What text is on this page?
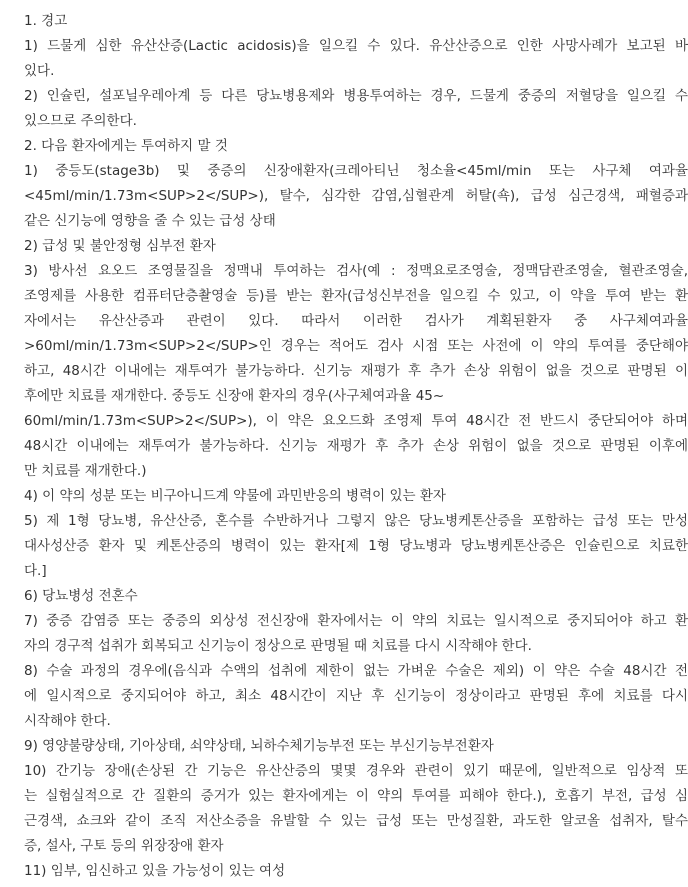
1. 경고
1) 드물게 심한 유산산증(Lactic acidosis)을 일으킬 수 있다. 유산산증으로 인한 사망사례가 보고된 바
있다.
2) 인슐린, 설포닐우레아계 등 다른 당뇨병용제와 병용투여하는 경우, 드물게 중증의 저혈당을 일으킬 수
있으므로 주의한다.
2. 다음 환자에게는 투여하지 말 것
1) 중등도(stage3b) 및 중증의 신장애환자(크레아티닌 청소율<45ml/min 또는 사구체 여과율
<45ml/min/1.73m<SUP>2</SUP>), 탈수, 심각한 감염,심혈관계 허탈(쇽), 급성 심근경색, 패혈증과
같은 신기능에 영향을 줄 수 있는 급성 상태
2) 급성 및 불안정형 심부전 환자
3) 방사선 요오드 조영물질을 정맥내 투여하는 검사(예 : 정맥요로조영술, 정맥담관조영술, 혈관조영술,
조영제를 사용한 컴퓨터단층촬영술 등)를 받는 환자(급성신부전을 일으킬 수 있고, 이 약을 투여 받는 환
자에서는 유산산증과 관련이 있다. 따라서 이러한 검사가 계획된환자 중 사구체여과율
>60ml/min/1.73m<SUP>2</SUP>인 경우는 적어도 검사 시점 또는 사전에 이 약의 투여를 중단해야
하고, 48시간 이내에는 재투여가 불가능하다. 신기능 재평가 후 추가 손상 위험이 없을 것으로 판명된 이
후에만 치료를 재개한다. 중등도 신장애 환자의 경우(사구체여과율 45~
60ml/min/1.73m<SUP>2</SUP>), 이 약은 요오드화 조영제 투여 48시간 전 반드시 중단되어야 하며
48시간 이내에는 재투여가 불가능하다. 신기능 재평가 후 추가 손상 위험이 없을 것으로 판명된 이후에
만 치료를 재개한다.)
4) 이 약의 성분 또는 비구아니드계 약물에 과민반응의 병력이 있는 환자
5) 제 1형 당뇨병, 유산산증, 혼수를 수반하거나 그렇지 않은 당뇨병케톤산증을 포함하는 급성 또는 만성
대사성산증 환자 및 케톤산증의 병력이 있는 환자[제 1형 당뇨병과 당뇨병케톤산증은 인슐린으로 치료한
다.]
6) 당뇨병성 전혼수
7) 중증 감염증 또는 중증의 외상성 전신장애 환자에서는 이 약의 치료는 일시적으로 중지되어야 하고 환
자의 경구적 섭취가 회복되고 신기능이 정상으로 판명될 때 치료를 다시 시작해야 한다.
8) 수술 과정의 경우에(음식과 수액의 섭취에 제한이 없는 가벼운 수술은 제외) 이 약은 수술 48시간 전
에 일시적으로 중지되어야 하고, 최소 48시간이 지난 후 신기능이 정상이라고 판명된 후에 치료를 다시
시작해야 한다.
9) 영양불량상태, 기아상태, 쇠약상태, 뇌하수체기능부전 또는 부신기능부전환자
10) 간기능 장애(손상된 간 기능은 유산산증의 몇몇 경우와 관련이 있기 때문에, 일반적으로 임상적 또
는 실험실적으로 간 질환의 증거가 있는 환자에게는 이 약의 투여를 피해야 한다.), 호흡기 부전, 급성 심
근경색, 쇼크와 같이 조직 저산소증을 유발할 수 있는 급성 또는 만성질환, 과도한 알코올 섭취자, 탈수
증, 설사, 구토 등의 위장장애 환자
11) 임부, 임신하고 있을 가능성이 있는 여성
